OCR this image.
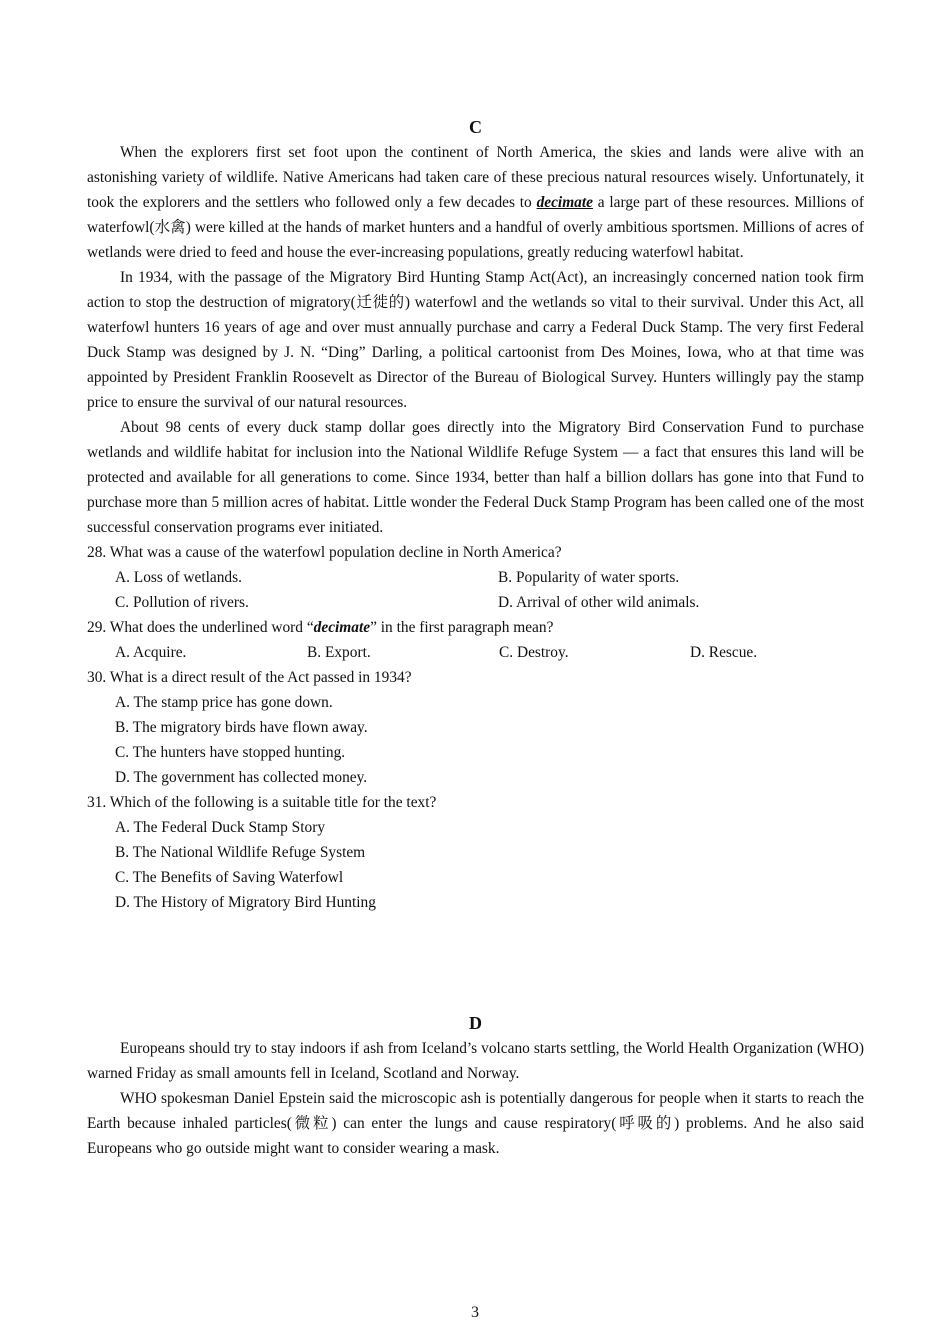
C

When the explorers first set foot upon the continent of North America, the skies and lands were alive with an astonishing variety of wildlife. Native Americans had taken care of these precious natural resources wisely. Unfortunately, it took the explorers and the settlers who followed only a few decades to decimate a large part of these resources. Millions of waterfowl(水禽) were killed at the hands of market hunters and a handful of overly ambitious sportsmen. Millions of acres of wetlands were dried to feed and house the ever-increasing populations, greatly reducing waterfowl habitat.

In 1934, with the passage of the Migratory Bird Hunting Stamp Act(Act), an increasingly concerned nation took firm action to stop the destruction of migratory(迁徙的) waterfowl and the wetlands so vital to their survival. Under this Act, all waterfowl hunters 16 years of age and over must annually purchase and carry a Federal Duck Stamp. The very first Federal Duck Stamp was designed by J. N. “Ding” Darling, a political cartoonist from Des Moines, Iowa, who at that time was appointed by President Franklin Roosevelt as Director of the Bureau of Biological Survey. Hunters willingly pay the stamp price to ensure the survival of our natural resources.

About 98 cents of every duck stamp dollar goes directly into the Migratory Bird Conservation Fund to purchase wetlands and wildlife habitat for inclusion into the National Wildlife Refuge System — a fact that ensures this land will be protected and available for all generations to come. Since 1934, better than half a billion dollars has gone into that Fund to purchase more than 5 million acres of habitat. Little wonder the Federal Duck Stamp Program has been called one of the most successful conservation programs ever initiated.

28. What was a cause of the waterfowl population decline in North America?

A. Loss of wetlands.	B. Popularity of water sports.
C. Pollution of rivers.	D. Arrival of other wild animals.

29. What does the underlined word “decimate” in the first paragraph mean?

A. Acquire.	B. Export.	C. Destroy.	D. Rescue.

30. What is a direct result of the Act passed in 1934?

A. The stamp price has gone down.
B. The migratory birds have flown away.
C. The hunters have stopped hunting.
D. The government has collected money.

31. Which of the following is a suitable title for the text?

A. The Federal Duck Stamp Story
B. The National Wildlife Refuge System
C. The Benefits of Saving Waterfowl
D. The History of Migratory Bird Hunting
D

Europeans should try to stay indoors if ash from Iceland’s volcano starts settling, the World Health Organization (WHO) warned Friday as small amounts fell in Iceland, Scotland and Norway.

WHO spokesman Daniel Epstein said the microscopic ash is potentially dangerous for people when it starts to reach the Earth because inhaled particles(微粒) can enter the lungs and cause respiratory(呼吸的) problems. And he also said Europeans who go outside might want to consider wearing a mask.

3
